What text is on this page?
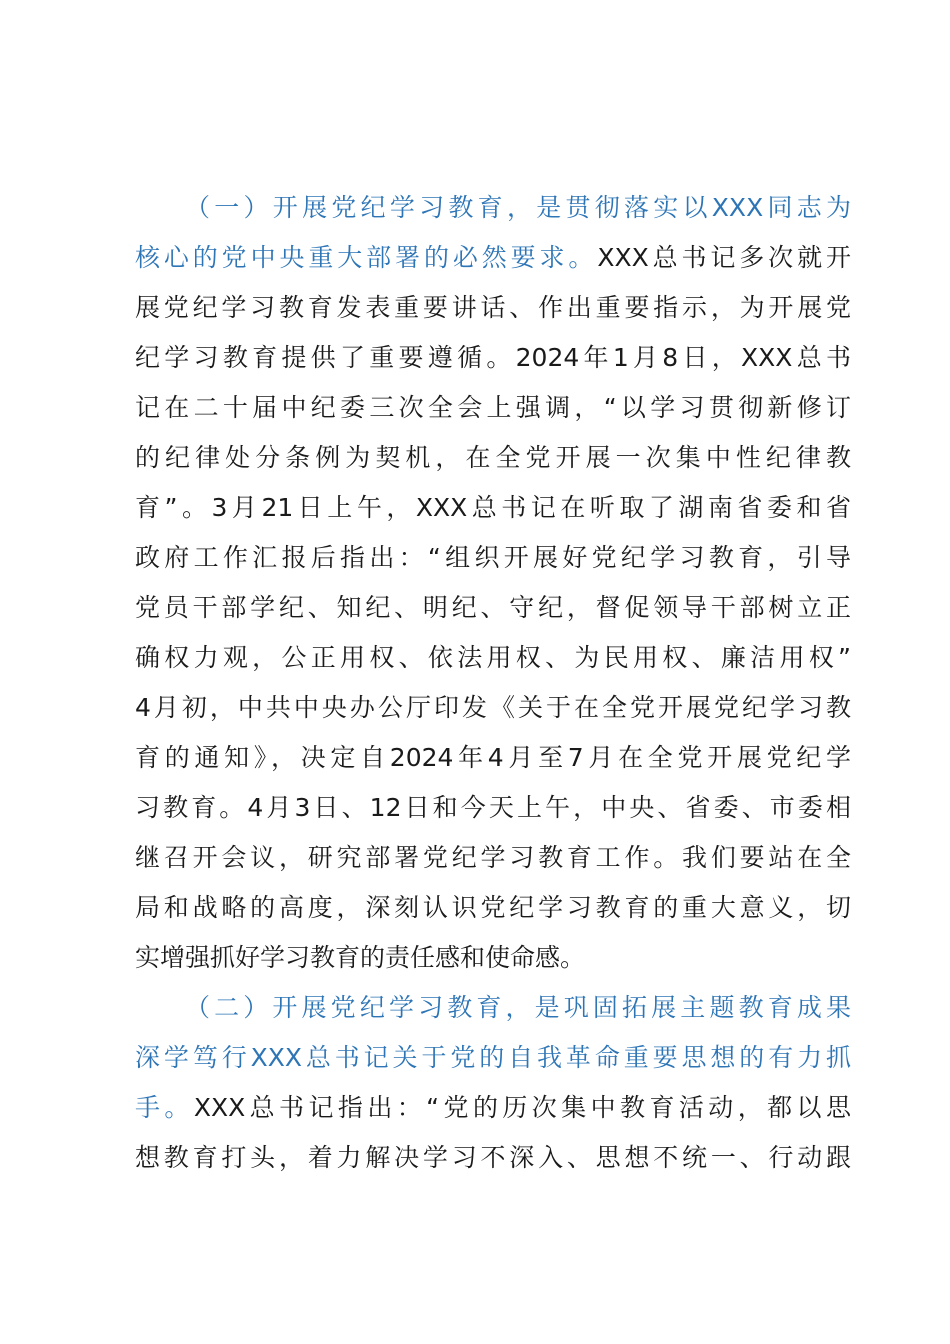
（一）开展党纪学习教育，是贯彻落实以XXX同志为
核心的党中央重大部署的必然要求。XXX总书记多次就开
展党纪学习教育发表重要讲话、作出重要指示，为开展党
纪学习教育提供了重要遵循。2024年1月8日，XXX总书
记在二十届中纪委三次全会上强调，“以学习贯彻新修订
的纪律处分条例为契机，在全党开展一次集中性纪律教
育”。3月21日上午，XXX总书记在听取了湖南省委和省
政府工作汇报后指出：“组织开展好党纪学习教育，引导
党员干部学纪、知纪、明纪、守纪，督促领导干部树立正
确权力观，公正用权、依法用权、为民用权、廉洁用权”
4月初，中共中央办公厅印发《关于在全党开展党纪学习教
育的通知》，决定自2024年4月至7月在全党开展党纪学
习教育。4月3日、12日和今天上午，中央、省委、市委相
继召开会议，研究部署党纪学习教育工作。我们要站在全
局和战略的高度，深刻认识党纪学习教育的重大意义，切
实增强抓好学习教育的责任感和使命感。
（二）开展党纪学习教育，是巩固拓展主题教育成果
深学笃行XXX总书记关于党的自我革命重要思想的有力抓
手。XXX总书记指出：“党的历次集中教育活动，都以思
想教育打头，着力解决学习不深入、思想不统一、行动跟
